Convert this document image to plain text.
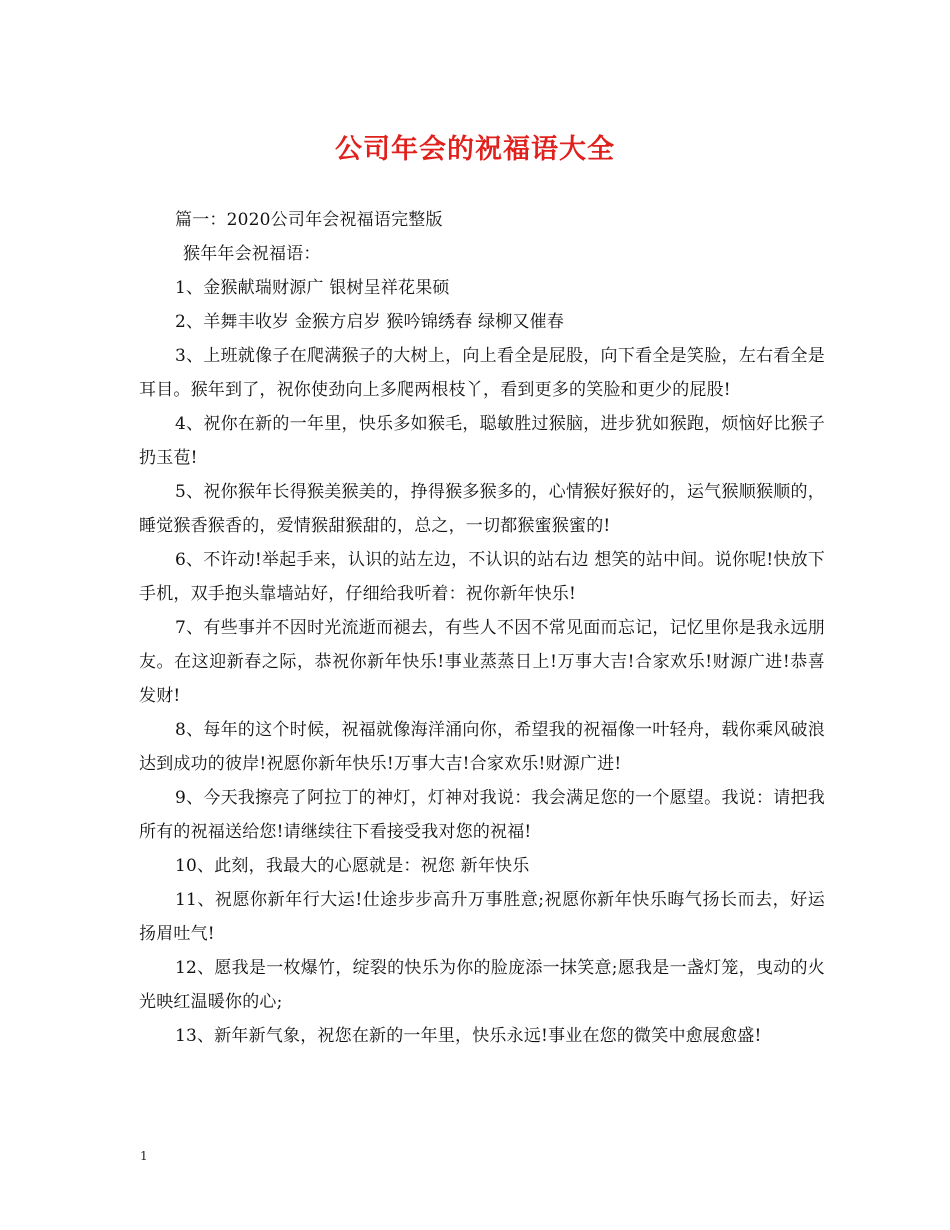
公司年会的祝福语大全

篇一：2020公司年会祝福语完整版

猴年年会祝福语：

1、金猴献瑞财源广 银树呈祥花果硕

2、羊舞丰收岁 金猴方启岁 猴吟锦绣春 绿柳又催春

3、上班就像子在爬满猴子的大树上，向上看全是屁股，向下看全是笑脸，左右看全是耳目。猴年到了，祝你使劲向上多爬两根枝丫，看到更多的笑脸和更少的屁股!

4、祝你在新的一年里，快乐多如猴毛，聪敏胜过猴脑，进步犹如猴跑，烦恼好比猴子扔玉苞!

5、祝你猴年长得猴美猴美的，挣得猴多猴多的，心情猴好猴好的，运气猴顺猴顺的，睡觉猴香猴香的，爱情猴甜猴甜的，总之，一切都猴蜜猴蜜的!

6、不许动!举起手来，认识的站左边，不认识的站右边 想笑的站中间。说你呢!快放下手机，双手抱头靠墙站好，仔细给我听着：祝你新年快乐!

7、有些事并不因时光流逝而褪去，有些人不因不常见面而忘记，记忆里你是我永远朋友。在这迎新春之际，恭祝你新年快乐!事业蒸蒸日上!万事大吉!合家欢乐!财源广进!恭喜发财!

8、每年的这个时候，祝福就像海洋涌向你，希望我的祝福像一叶轻舟，载你乘风破浪达到成功的彼岸!祝愿你新年快乐!万事大吉!合家欢乐!财源广进!

9、今天我擦亮了阿拉丁的神灯，灯神对我说：我会满足您的一个愿望。我说：请把我所有的祝福送给您!请继续往下看接受我对您的祝福!

10、此刻，我最大的心愿就是：祝您 新年快乐

11、祝愿你新年行大运!仕途步步高升万事胜意;祝愿你新年快乐晦气扬长而去，好运扬眉吐气!

12、愿我是一枚爆竹，绽裂的快乐为你的脸庞添一抹笑意;愿我是一盏灯笼，曳动的火光映红温暖你的心;

13、新年新气象，祝您在新的一年里，快乐永远!事业在您的微笑中愈展愈盛!

1
